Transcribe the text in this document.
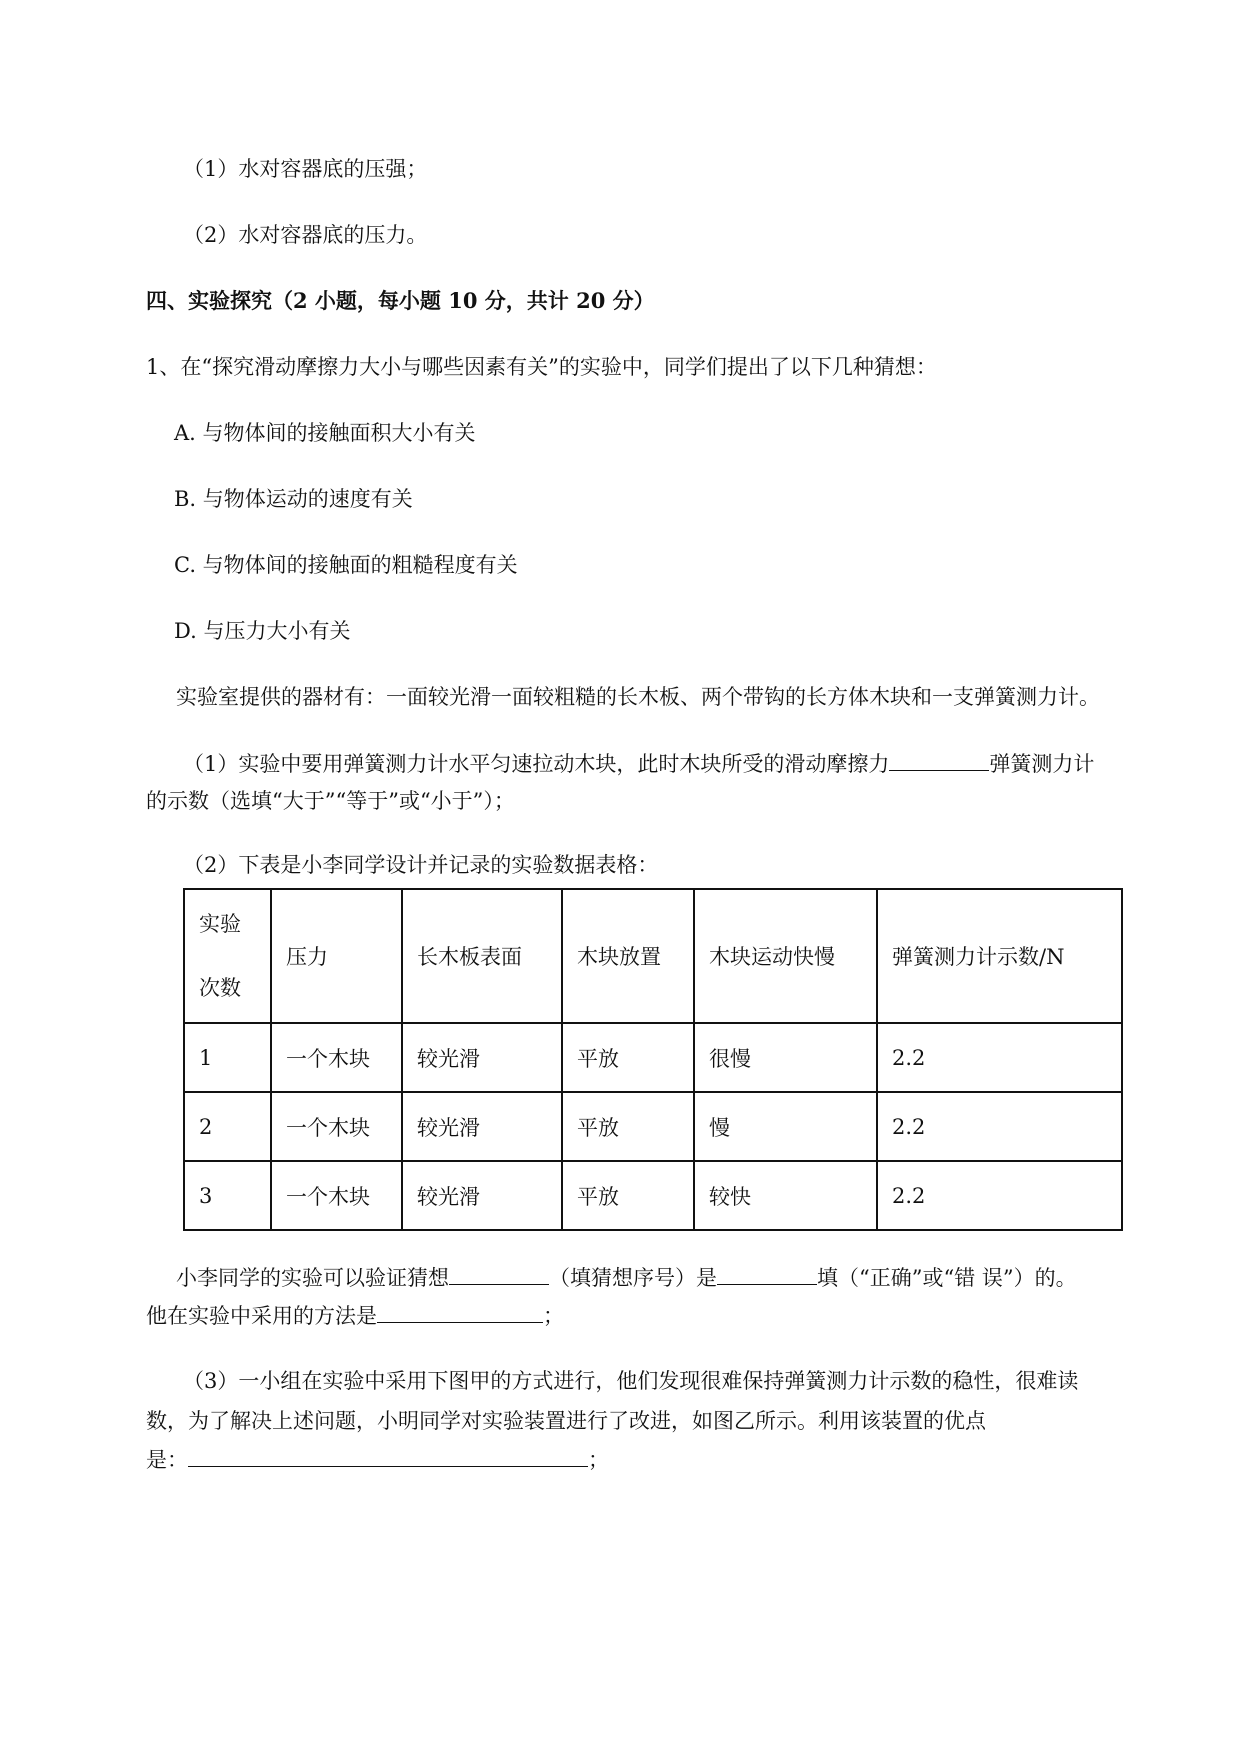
（1）水对容器底的压强；
（2）水对容器底的压力。
四、实验探究（2 小题，每小题 10 分，共计 20 分）
1、在“探究滑动摩擦力大小与哪些因素有关”的实验中，同学们提出了以下几种猜想：
A. 与物体间的接触面积大小有关
B. 与物体运动的速度有关
C. 与物体间的接触面的粗糙程度有关
D. 与压力大小有关
实验室提供的器材有：一面较光滑一面较粗糙的长木板、两个带钩的长方体木块和一支弹簧测力计。
（1）实验中要用弹簧测力计水平匀速拉动木块，此时木块所受的滑动摩擦力	弹簧测力计
的示数（选填“大于”“等于”或“小于”）；
（2）下表是小李同学设计并记录的实验数据表格：
实验
次数	压力	长木板表面	木块放置	木块运动快慢	弹簧测力计示数/N
1	一个木块	较光滑	平放	很慢	2.2
2	一个木块	较光滑	平放	慢	2.2
3	一个木块	较光滑	平放	较快	2.2
小李同学的实验可以验证猜想	（填猜想序号）是	填（“正确”或“错 误”）的。
他在实验中采用的方法是	；
（3）一小组在实验中采用下图甲的方式进行，他们发现很难保持弹簧测力计示数的稳性，很难读
数，为了解决上述问题，小明同学对实验装置进行了改进，如图乙所示。利用该装置的优点
是：	；
